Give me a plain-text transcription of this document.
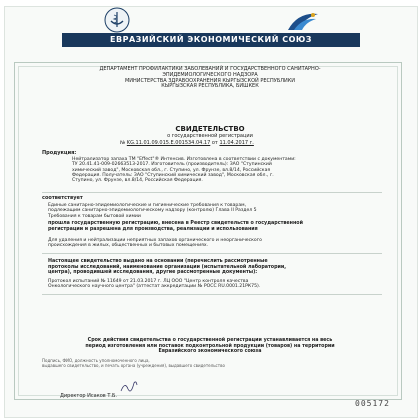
ЕВРАЗИЙСКИЙ ЭКОНОМИЧЕСКИЙ СОЮЗ
ДЕПАРТАМЕНТ ПРОФИЛАКТИКИ ЗАБОЛЕВАНИЙ И ГОСУДАРСТВЕННОГО САНИТАРНО-
ЭПИДЕМИОЛОГИЧЕСКОГО НАДЗОРА
МИНИСТЕРСТВА ЗДРАВООХРАНЕНИЯ КЫРГЫЗСКОЙ РЕСПУБЛИКИ
КЫРГЫЗСКАЯ РЕСПУБЛИКА, БИШКЕК
СВИДЕТЕЛЬСТВО
о государственной регистрации
№ KG.11.01.09.015.Е.001534.04.17 от 11.04.2017 г.
Продукция:
Нейтрализатор запаха ТМ "Effect"® Интенсив. Изготовлена в соответствии с документами:
ТУ 20.41.41-009-02663513-2017. Изготовитель (производитель): ЗАО "Ступинский
химический завод", Московская обл., г. Ступино, ул. Фрунзе, вл.8/14, Российская
Федерация. Получатель: ЗАО "Ступинский химический завод", Московская обл., г.
Ступино, ул. Фрунзе, вл.8/14, Российская Федерация.
соответствует
Единые санитарно-эпидемиологические и гигиенические требования к товарам,
подлежащим санитарно-эпидемиологическому надзору (контролю) Глава II Раздел 5
Требования к товарам бытовой химии
прошла государственную регистрацию, внесена в Реестр свидетельств о государственной
регистрации и разрешена для производства, реализации и использования
Для удаления и нейтрализации неприятных запахов органического и неорганического
происхождения в жилых, общественных и бытовых помещениях.
Настоящее свидетельство выдано на основании (перечислить рассмотренные
протоколы исследований, наименование организации (испытательной лаборатории,
центра), проводившей исследования, другие рассмотренные документы):
Протокол испытаний № 11649 от 21.03.2017 г. ЛЦ ООО "Центр контроля качества
Онкологического научного центра" (аттестат аккредитации № РОСС RU.0001.21РК75).
Срок действия свидетельства о государственной регистрации устанавливается на весь
период изготовления или поставок подконтрольной продукции (товаров) на территории
Евразийского экономического союза
Подпись, ФИО, должность уполномоченного лица,
выдавшего свидетельство, и печать органа (учреждения), выдавшего свидетельство
Директор Исаков Т.Б.
005172
